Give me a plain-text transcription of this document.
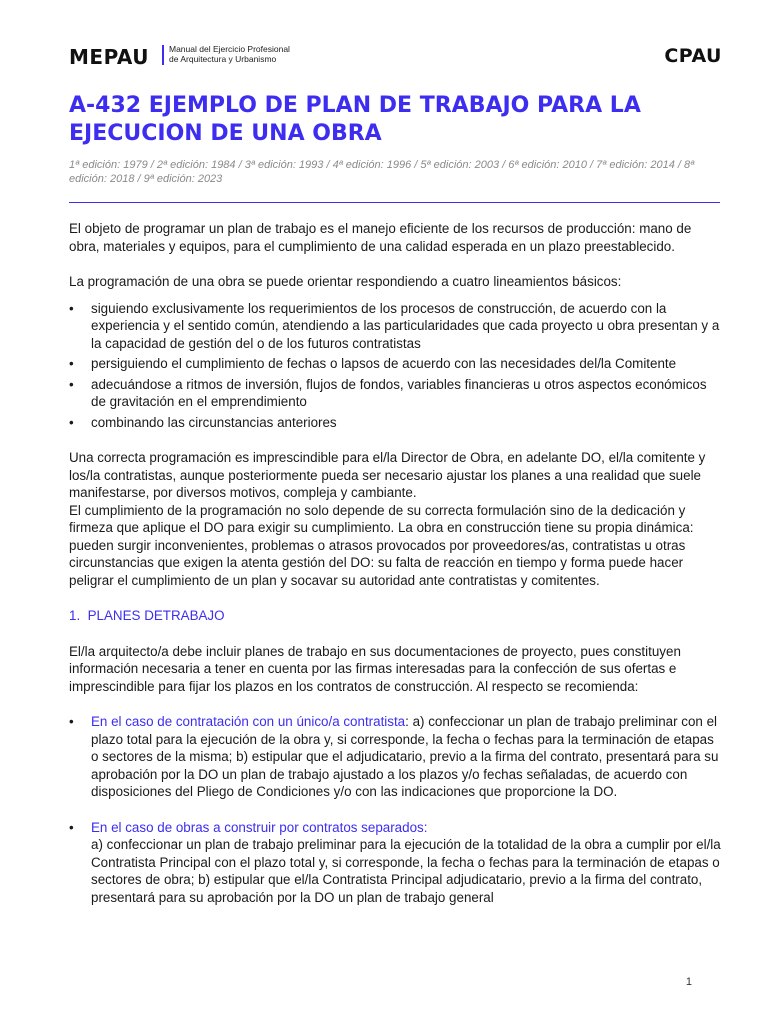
MEPAU Manual del Ejercicio Profesional
de Arquitectura y Urbanismo	CPAU
A-432 EJEMPLO DE PLAN DE TRABAJO PARA LA EJECUCION DE UNA OBRA
1ª edición: 1979 / 2ª edición: 1984 / 3ª edición: 1993 / 4ª edición: 1996 / 5ª edición: 2003 / 6ª edición: 2010 / 7ª edición: 2014 / 8ª edición: 2018 / 9ª edición: 2023

El objeto de programar un plan de trabajo es el manejo eficiente de los recursos de producción: mano de obra, materiales y equipos, para el cumplimiento de una calidad esperada en un plazo preestablecido.

La programación de una obra se puede orientar respondiendo a cuatro lineamientos básicos:

• siguiendo exclusivamente los requerimientos de los procesos de construcción, de acuerdo con la experiencia y el sentido común, atendiendo a las particularidades que cada proyecto u obra presentan y a la capacidad de gestión del o de los futuros contratistas
• persiguiendo el cumplimiento de fechas o lapsos de acuerdo con las necesidades del/la Comitente
• adecuándose a ritmos de inversión, flujos de fondos, variables financieras u otros aspectos económicos de gravitación en el emprendimiento
• combinando las circunstancias anteriores

Una correcta programación es imprescindible para el/la Director de Obra, en adelante DO, el/la comitente y los/la contratistas, aunque posteriormente pueda ser necesario ajustar los planes a una realidad que suele manifestarse, por diversos motivos, compleja y cambiante.

El cumplimiento de la programación no solo depende de su correcta formulación sino de la dedicación y firmeza que aplique el DO para exigir su cumplimiento. La obra en construcción tiene su propia dinámica: pueden surgir inconvenientes, problemas o atrasos provocados por proveedores/as, contratistas u otras circunstancias que exigen la atenta gestión del DO: su falta de reacción en tiempo y forma puede hacer peligrar el cumplimiento de un plan y socavar su autoridad ante contratistas y comitentes.

1. PLANES DETRABAJO

El/la arquitecto/a debe incluir planes de trabajo en sus documentaciones de proyecto, pues constituyen información necesaria a tener en cuenta por las firmas interesadas para la confección de sus ofertas e imprescindible para fijar los plazos en los contratos de construcción. Al respecto se recomienda:

• En el caso de contratación con un único/a contratista: a) confeccionar un plan de trabajo preliminar con el plazo total para la ejecución de la obra y, si corresponde, la fecha o fechas para la terminación de etapas o sectores de la misma; b) estipular que el adjudicatario, previo a la firma del contrato, presentará para su aprobación por la DO un plan de trabajo ajustado a los plazos y/o fechas señaladas, de acuerdo con disposiciones del Pliego de Condiciones y/o con las indicaciones que proporcione la DO.
• En el caso de obras a construir por contratos separados:
a) confeccionar un plan de trabajo preliminar para la ejecución de la totalidad de la obra a cumplir por el/la Contratista Principal con el plazo total y, si corresponde, la fecha o fechas para la terminación de etapas o sectores de obra; b) estipular que el/la Contratista Principal adjudicatario, previo a la firma del contrato, presentará para su aprobación por la DO un plan de trabajo general
1
